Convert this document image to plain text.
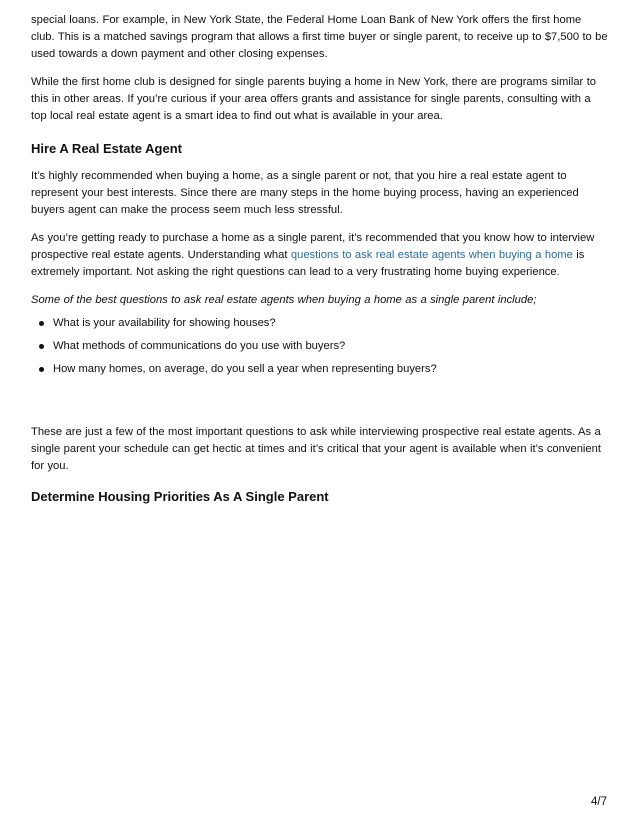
special loans. For example, in New York State, the Federal Home Loan Bank of New York offers the first home club. This is a matched savings program that allows a first time buyer or single parent, to receive up to $7,500 to be used towards a down payment and other closing expenses.

While the first home club is designed for single parents buying a home in New York, there are programs similar to this in other areas. If you’re curious if your area offers grants and assistance for single parents, consulting with a top local real estate agent is a smart idea to find out what is available in your area.

Hire A Real Estate Agent

It’s highly recommended when buying a home, as a single parent or not, that you hire a real estate agent to represent your best interests. Since there are many steps in the home buying process, having an experienced buyers agent can make the process seem much less stressful.

As you’re getting ready to purchase a home as a single parent, it’s recommended that you know how to interview prospective real estate agents. Understanding what questions to ask real estate agents when buying a home is extremely important. Not asking the right questions can lead to a very frustrating home buying experience.

Some of the best questions to ask real estate agents when buying a home as a single parent include;

What is your availability for showing houses?
What methods of communications do you use with buyers?
How many homes, on average, do you sell a year when representing buyers?

These are just a few of the most important questions to ask while interviewing prospective real estate agents. As a single parent your schedule can get hectic at times and it’s critical that your agent is available when it’s convenient for you.

Determine Housing Priorities As A Single Parent
4/7
